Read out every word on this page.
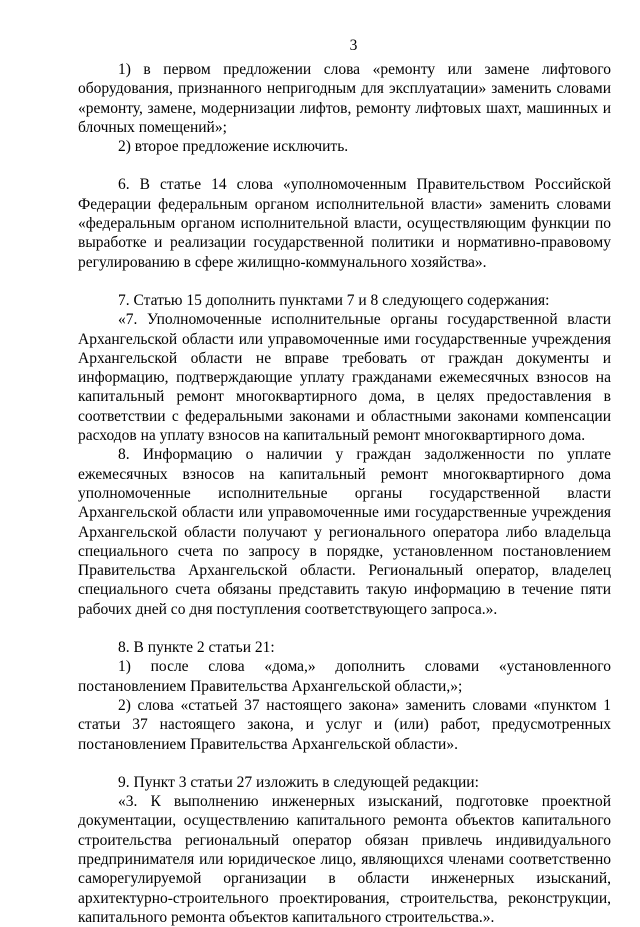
3

1) в первом предложении слова «ремонту или замене лифтового оборудования, признанного непригодным для эксплуатации» заменить словами «ремонту, замене, модернизации лифтов, ремонту лифтовых шахт, машинных и блочных помещений»;

2) второе предложение исключить.

6. В статье 14 слова «уполномоченным Правительством Российской Федерации федеральным органом исполнительной власти» заменить словами «федеральным органом исполнительной власти, осуществляющим функции по выработке и реализации государственной политики и нормативно-правовому регулированию в сфере жилищно-коммунального хозяйства».

7. Статью 15 дополнить пунктами 7 и 8 следующего содержания:

«7. Уполномоченные исполнительные органы государственной власти Архангельской области или управомоченные ими государственные учреждения Архангельской области не вправе требовать от граждан документы и информацию, подтверждающие уплату гражданами ежемесячных взносов на капитальный ремонт многоквартирного дома, в целях предоставления в соответствии с федеральными законами и областными законами компенсации расходов на уплату взносов на капитальный ремонт многоквартирного дома.

8. Информацию о наличии у граждан задолженности по уплате ежемесячных взносов на капитальный ремонт многоквартирного дома уполномоченные исполнительные органы государственной власти Архангельской области или управомоченные ими государственные учреждения Архангельской области получают у регионального оператора либо владельца специального счета по запросу в порядке, установленном постановлением Правительства Архангельской области. Региональный оператор, владелец специального счета обязаны представить такую информацию в течение пяти рабочих дней со дня поступления соответствующего запроса.».

8. В пункте 2 статьи 21:

1) после слова «дома,» дополнить словами «установленного постановлением Правительства Архангельской области,»;

2) слова «статьей 37 настоящего закона» заменить словами «пунктом 1 статьи 37 настоящего закона, и услуг и (или) работ, предусмотренных постановлением Правительства Архангельской области».

9. Пункт 3 статьи 27 изложить в следующей редакции:

«3. К выполнению инженерных изысканий, подготовке проектной документации, осуществлению капитального ремонта объектов капитального строительства региональный оператор обязан привлечь индивидуального предпринимателя или юридическое лицо, являющихся членами соответственно саморегулируемой организации в области инженерных изысканий, архитектурно-строительного проектирования, строительства, реконструкции, капитального ремонта объектов капитального строительства.».
